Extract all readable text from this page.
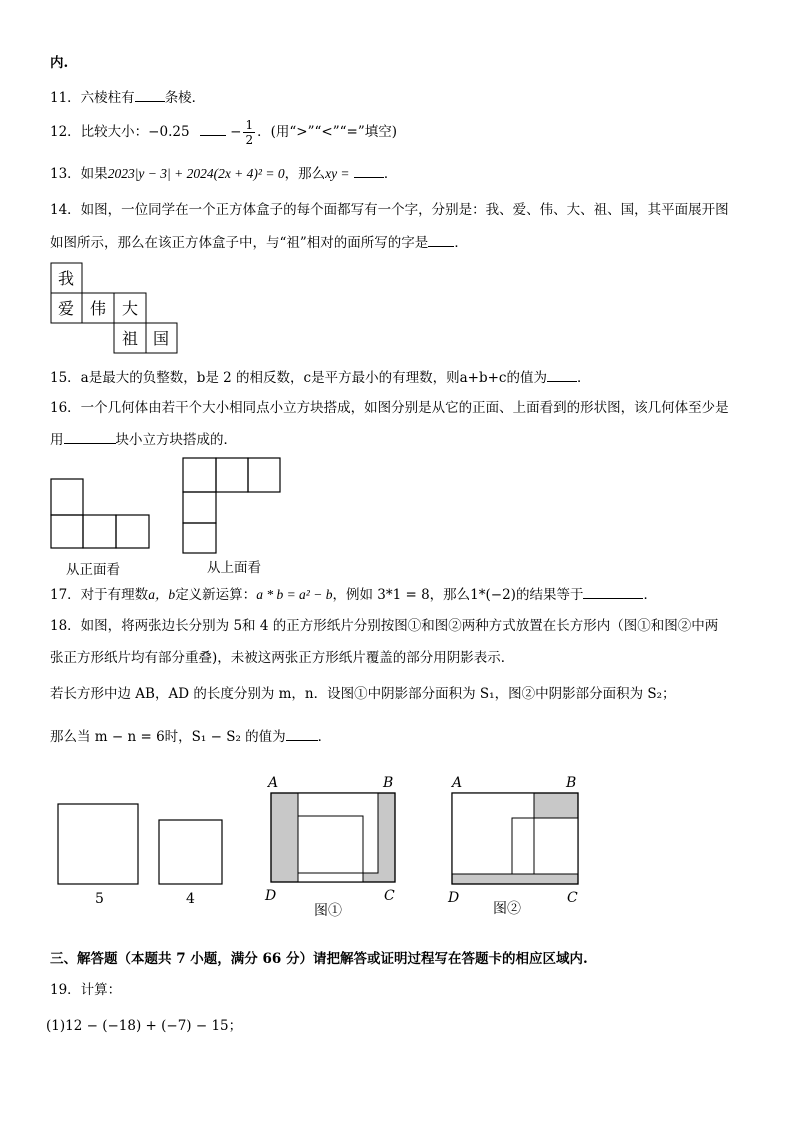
内.
11．六棱柱有 条棱．
12．比较大小：−0.25	− $\frac{1}{2}$ ．(用“>”“<”“=”填空)
13．如果2023|y − 3| + 2024(2x + 4)² = 0，那么xy =	．
14．如图，一位同学在一个正方体盒子的每个面都写有一个字，分别是：我、爱、伟、大、祖、国，其平面展开图
如图所示，那么在该正方体盒子中，与“祖”相对的面所写的字是 ．
我
爱 伟 大
祖 国
15．a是最大的负整数，b是 2 的相反数，c是平方最小的有理数，则a+b+c的值为 ．
16．一个几何体由若干个大小相同点小立方块搭成，如图分别是从它的正面、上面看到的形状图，该几何体至少是
用	块小立方块搭成的．
从正面看	从上面看
17．对于有理数a，b定义新运算：a * b = a² − b，例如 3*1 = 8，那么1*(−2)的结果等于	．
18．如图，将两张边长分别为 5和 4 的正方形纸片分别按图①和图②两种方式放置在长方形内（图①和图②中两
张正方形纸片均有部分重叠)，未被这两张正方形纸片覆盖的部分用阴影表示．
若长方形中边 AB，AD 的长度分别为 m，n．设图①中阴影部分面积为 S₁，图②中阴影部分面积为 S₂；
那么当 m − n = 6时，S₁ − S₂ 的值为 ．
5	4
A	B
D	C
图①
A	B
D	C
图②
三、解答题（本题共 7 小题，满分 66 分）请把解答或证明过程写在答题卡的相应区域内.
19．计算：
(1)12 − (−18) + (−7) − 15；
